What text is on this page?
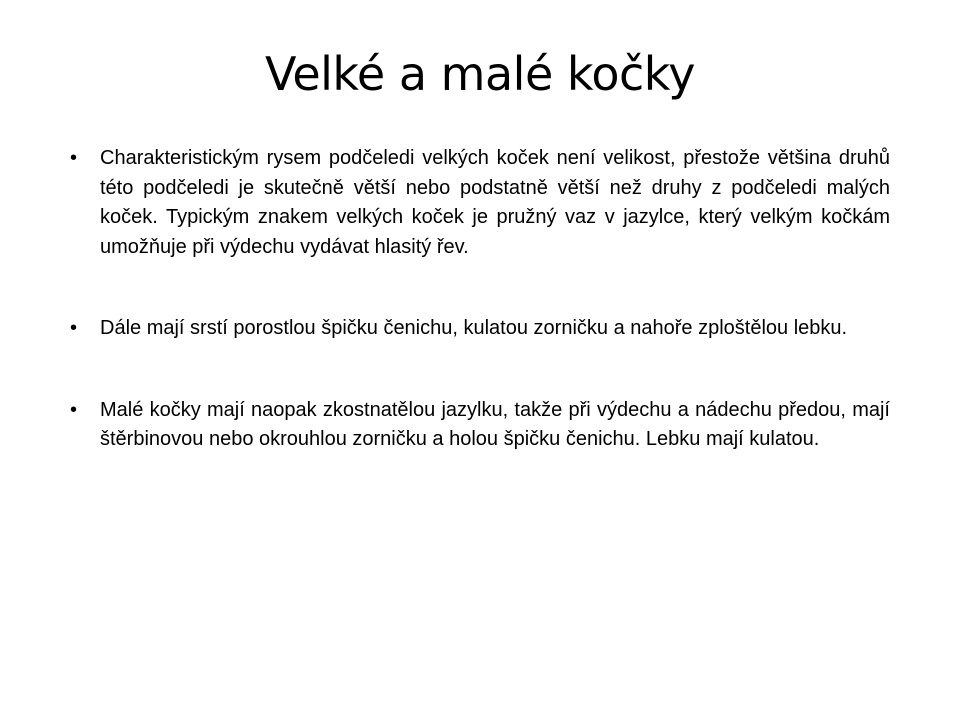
Velké a malé kočky
•	Charakteristickým rysem podčeledi velkých koček není velikost, přestože většina druhů této podčeledi je skutečně větší nebo podstatně větší než druhy z podčeledi malých koček. Typickým znakem velkých koček je pružný vaz v jazylce, který velkým kočkám umožňuje při výdechu vydávat hlasitý řev.
•	Dále mají srstí porostlou špičku čenichu, kulatou zorničku a nahoře zploštělou lebku.
•	Malé kočky mají naopak zkostnatělou jazylku, takže při výdechu a nádechu předou, mají štěrbinovou nebo okrouhlou zorničku a holou špičku čenichu. Lebku mají kulatou.
